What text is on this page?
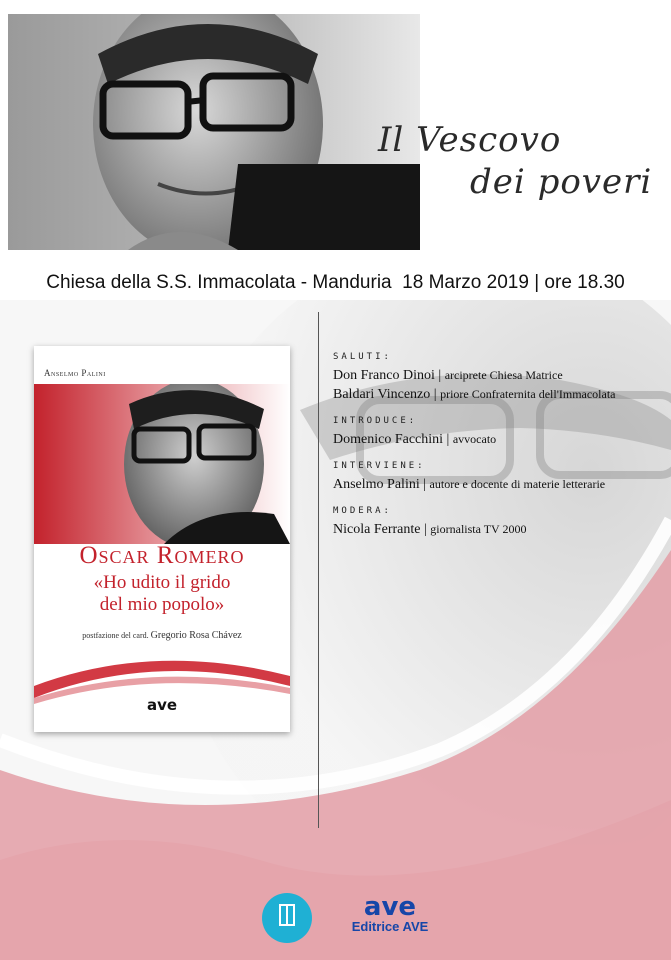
Il Vescovo
dei poveri
Chiesa della S.S. Immacolata - Manduria 18 Marzo 2019 | ore 18.30
Anselmo Palini
Oscar Romero
«Ho udito il grido
del mio popolo»
postfazione del card. Gregorio Rosa Chávez
ave
SALUTI:
Don Franco Dinoi | arciprete Chiesa Matrice
Baldari Vincenzo | priore Confraternita dell'Immacolata
INTRODUCE:
Domenico Facchini | avvocato
INTERVIENE:
Anselmo Palini | autore e docente di materie letterarie
MODERA:
Nicola Ferrante | giornalista TV 2000
ave
Editrice AVE
